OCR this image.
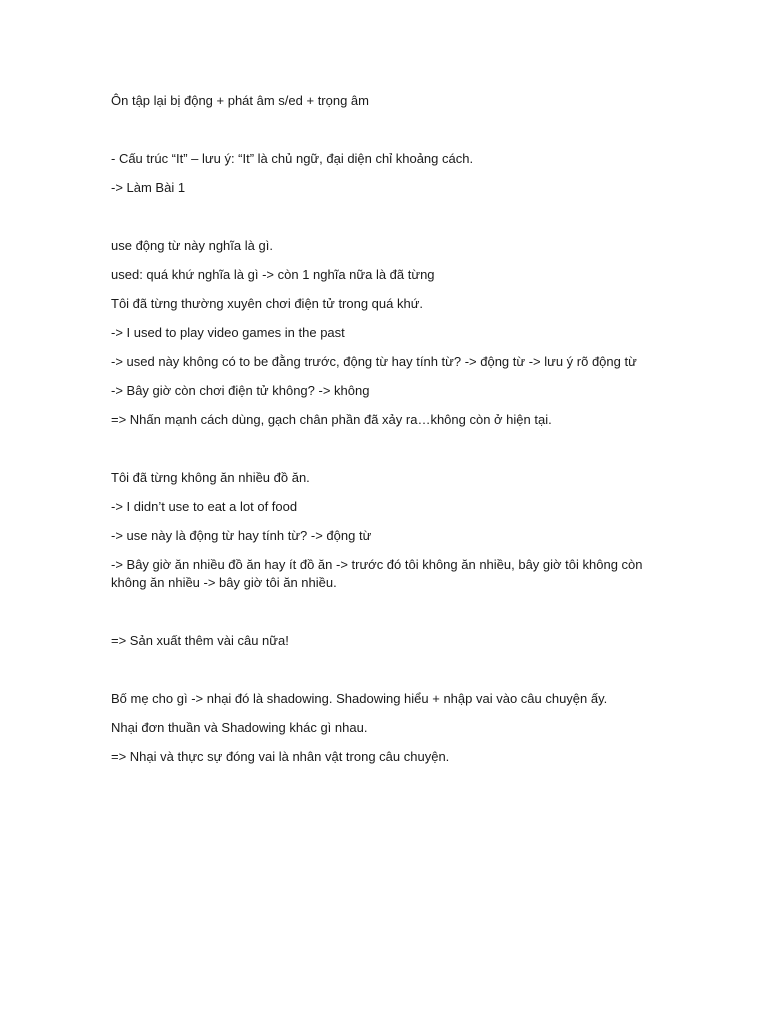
Ôn tập lại bị động + phát âm s/ed + trọng âm

- Cấu trúc “It” – lưu ý: “It” là chủ ngữ, đại diện chỉ khoảng cách.

-> Làm Bài 1

use động từ này nghĩa là gì.

used: quá khứ nghĩa là gì -> còn 1 nghĩa nữa là đã từng

Tôi đã từng thường xuyên chơi điện tử trong quá khứ.

-> I used to play video games in the past

-> used này không có to be đằng trước, động từ hay tính từ? -> động từ -> lưu ý rõ động từ

-> Bây giờ còn chơi điện tử không? -> không

=> Nhấn mạnh cách dùng, gạch chân phần đã xảy ra…không còn ở hiện tại.

Tôi đã từng không ăn nhiều đồ ăn.

-> I didn’t use to eat a lot of food

-> use này là động từ hay tính từ? -> động từ

-> Bây giờ ăn nhiều đồ ăn hay ít đồ ăn -> trước đó tôi không ăn nhiều, bây giờ tôi không còn không ăn nhiều -> bây giờ tôi ăn nhiều.

=> Sản xuất thêm vài câu nữa!

Bố mẹ cho gì -> nhại đó là shadowing. Shadowing hiểu + nhập vai vào câu chuyện ấy.

Nhại đơn thuần và Shadowing khác gì nhau.

=> Nhại và thực sự đóng vai là nhân vật trong câu chuyện.
